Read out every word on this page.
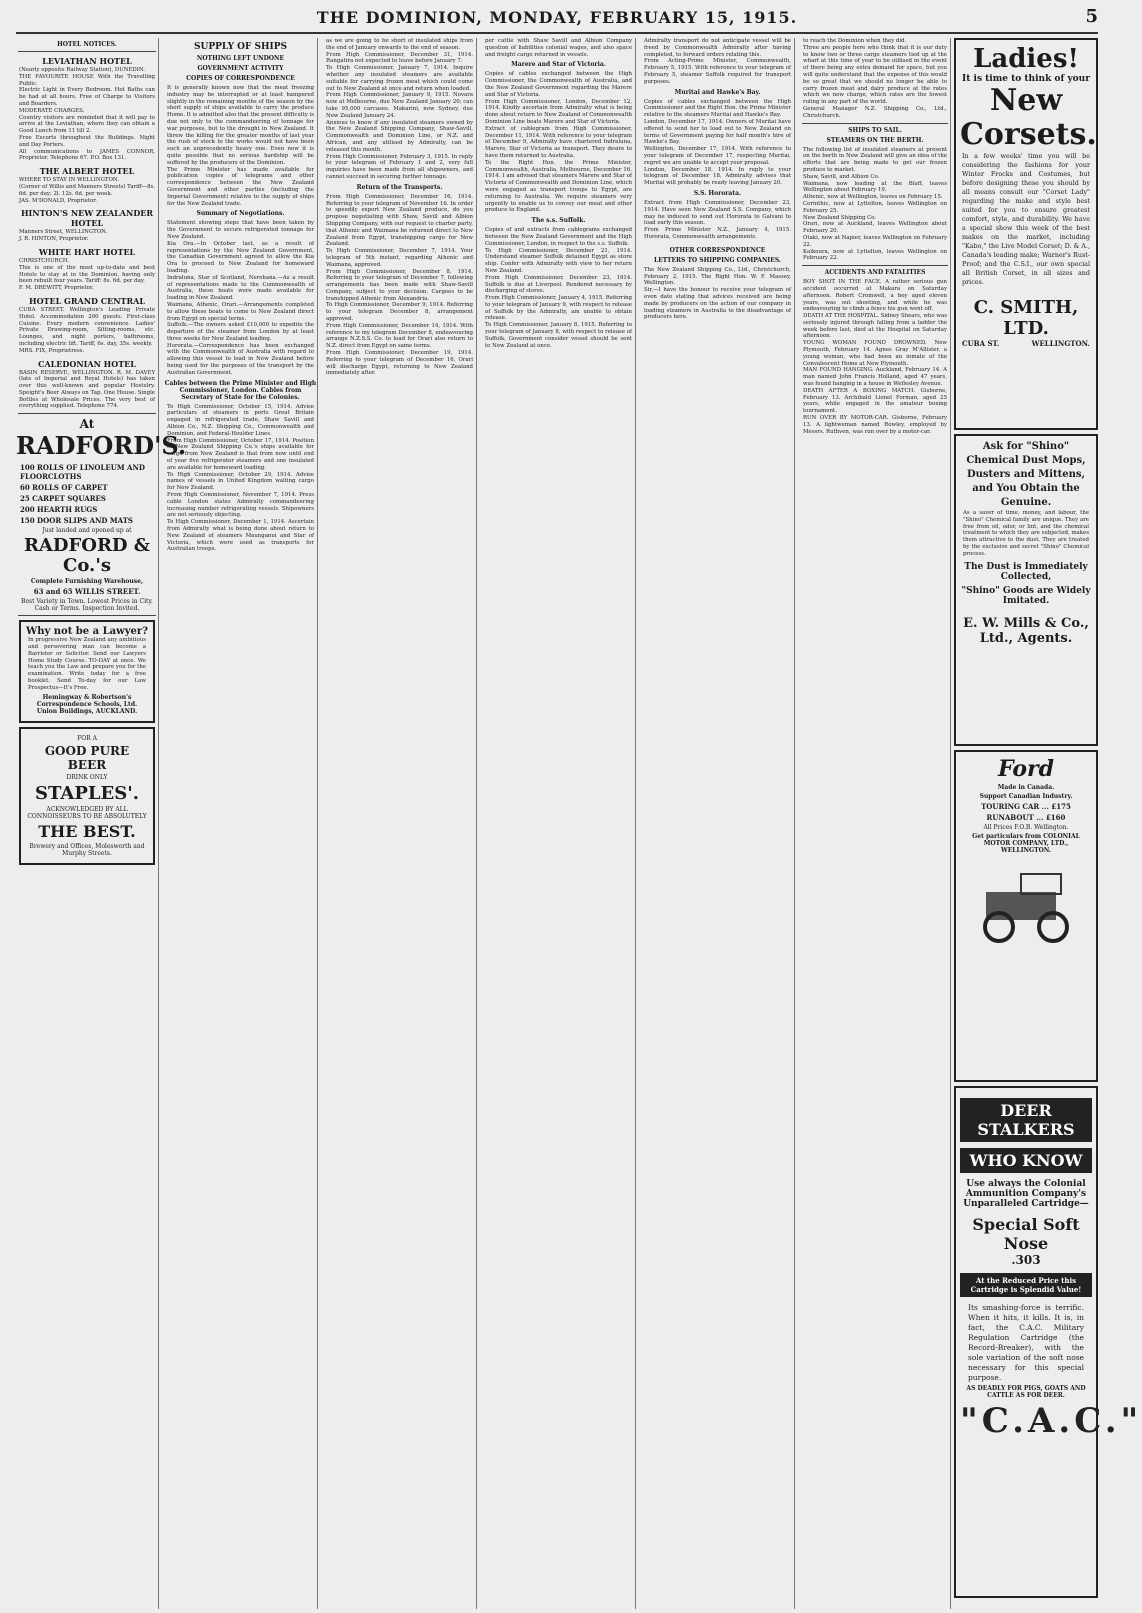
THE DOMINION, MONDAY, FEBRUARY 15, 1915.	5
HOTEL NOTICES.
LEVIATHAN HOTEL
(Nearly opposite Railway Station), DUNEDIN.
THE FAVOURITE HOUSE With the Travelling Public.
Electric Light in Every Bedroom. Hot Baths can be had at all hours. Free of Charge to Visitors and Boarders.
MODERATE CHARGES.
Country visitors are reminded that it will pay to arrive at the Leviathan, where they can obtain a Good Lunch from 11 till 2.
Free Escorts throughout the Buildings. Night and Day Porters.
All communications to JAMES CONNOR, Proprietor. Telephone 67. P.O. Box 131.
THE ALBERT HOTEL
WHERE TO STAY IN WELLINGTON.
(Corner of Willis and Manners Streets) Tariff—8s. 6d. per day; 2l. 12s. 6d. per week.
JAS. M'DONALD, Proprietor.
HINTON'S NEW ZEALANDER HOTEL
Manners Street, WELLINGTON.
J. R. HINTON, Proprietor.
WHITE HART HOTEL
CHRISTCHURCH.
This is one of the most up-to-date and best Hotels to stay at in the Dominion, having only been rebuilt four years. Tariff: 8s. 6d. per day.
F. M. DREWITT, Proprietor.
HOTEL GRAND CENTRAL
CUBA STREET. Wellington's Leading Private Hotel. Accommodation 200 guests. First-class Cuisine. Every modern convenience. Ladies' Private Drawing-room, Sitting-rooms, etc. Lounges, and night porters, bathrooms, including electric lift. Tariff, 6s. day, 35s. weekly.
MRS. FIX, Proprietress.
CALEDONIAN HOTEL
BASIN RESERVE, WELLINGTON. R. M. DAVEY (late of Imperial and Royal Hotels) has taken over this well-known and popular Hostelry. Speight's Beer Always on Tap. One House. Single Bottles at Wholesale Prices. The very best of everything supplied. Telephone 774.
At
RADFORD'S.
100 ROLLS OF LINOLEUM AND FLOORCLOTHS
60 ROLLS OF CARPET
25 CARPET SQUARES
200 HEARTH RUGS
150 DOOR SLIPS AND MATS
Just landed and opened up at
RADFORD & Co.'s
Complete Furnishing Warehouse,
63 and 65 WILLIS STREET.
Best Variety in Town. Lowest Prices in City. Cash or Terms. Inspection Invited.
Why not be a Lawyer?
In progressive New Zealand any ambitious and persevering man can become a Barrister or Solicitor. Send our Lawyers Home Study Course. TO-DAY at once. We teach you the Law and prepare you for the examination. Write today for a free booklet. Send To-day for our Law Prospectus—It's Free.
Hemingway & Robertson's Correspondence Schools, Ltd. Union Buildings, AUCKLAND.
FOR A
GOOD PURE BEER
DRINK ONLY
STAPLES'.
ACKNOWLEDGED BY ALL CONNOISSEURS TO BE ABSOLUTELY
THE BEST.
Brewery and Offices, Molesworth and Murphy Streets.
SUPPLY OF SHIPS
NOTHING LEFT UNDONE
GOVERNMENT ACTIVITY
COPIES OF CORRESPONDENCE
It is generally known now that the meat freezing industry may be interrupted or at least hampered slightly in the remaining months of the season by the short supply of ships available to carry the produce Home. It is admitted also that the present difficulty is due not only to the commandeering of tonnage for war purposes, but to the drought in New Zealand. It threw the killing for the greater months of last year the rush of stock to the works would not have been such an unprecedently heavy one. Even now it is quite possible that no serious hardship will be suffered by the producers of the Dominion.
The Prime Minister has made available for publication copies of telegrams and other correspondence between the New Zealand Government and other parties (including the Imperial Government) relative to the supply of ships for the New Zealand trade.
Summary of Negotiations.
Statement showing steps that have been taken by the Government to secure refrigerated tonnage for New Zealand.
Kia Ora.—In October last, as a result of representations by the New Zealand Government, the Canadian Government agreed to allow the Kia Ora to proceed to New Zealand for homeward loading.
Indraluna, Star of Scotland, Nerehana.—As a result of representations made to the Commonwealth of Australia, these boats were made available for loading in New Zealand.
Waimana, Athenic, Orari.—Arrangements completed to allow these boats to come to New Zealand direct from Egypt on special terms.
Suffolk.—The owners asked £10,000 to expedite the departure of the steamer from London by at least three weeks for New Zealand loading.
Hororata.—Correspondence has been exchanged with the Commonwealth of Australia with regard to allowing this vessel to load in New Zealand before being used for the purposes of the transport by the Australian Government.
Cables between the Prime Minister and High Commissioner, London. Cables from Secretary of State for the Colonies.
To High Commissioner, October 15, 1914. Advise particulars of steamers in ports Great Britain engaged in refrigerated trade, Shaw Savill and Albion Co., N.Z. Shipping Co., Commonwealth and Dominion, and Federal-Houlder Lines.
From High Commissioner, October 17, 1914. Position of New Zealand Shipping Co.'s ships available for cargo from New Zealand is that from now until end of year five refrigerator steamers and one insulated are available for homeward loading.
To High Commissioner, October 29, 1914. Advise names of vessels in United Kingdom waiting cargo for New Zealand.
From High Commissioner, November 7, 1914. Press cable London states Admiralty commandeering increasing number refrigerating vessels. Shipowners are not seriously objecting.
To High Commissioner, December 1, 1914. Ascertain from Admiralty what is being done about return to New Zealand of steamers Maunganui and Star of Victoria, which were used as transports for Australian troops.
as we are going to be short of insulated ships from the end of January onwards to the end of season.
From High Commissioner, December 31, 1914. Rangatira not expected to leave before January 7.
To High Commissioner, January 7, 1914. Inquire whether any insulated steamers are available suitable for carrying frozen meat which could come out to New Zealand at once and return when loaded.
From High Commissioner, January 9, 1915. Novara now at Melbourne, due New Zealand January 20; can take 95,000 carcases. Makarini, now Sydney, due New Zealand January 24.
Anxious to know if any insulated steamers owned by the New Zealand Shipping Company, Shaw-Savill, Commonwealth and Dominion Line, or N.Z. and African, and any utilised by Admiralty, can be released this month.
From High Commissioner, February 3, 1915. In reply to your telegram of February 1 and 2, very full inquiries have been made from all shipowners, and cannot succeed in securing further tonnage.
Return of the Transports.
From High Commissioner, December 16, 1914. Referring to your telegram of November 16. In order to speedily export New Zealand produce, do you propose negotiating with Shaw, Savill and Albion Shipping Company, with our request to charter party, that Athenic and Waimana be returned direct to New Zealand from Egypt, transhipping cargo for New Zealand.
To High Commissioner, December 7, 1914. Your telegram of 5th instant, regarding Athenic and Waimana, approved.
From High Commissioner, December 8, 1914. Referring to your telegram of December 7, following arrangements has been made with Shaw-Savill Company, subject to your decision. Cargoes to be transhipped Athenic from Alexandria.
To High Commissioner, December 9, 1914. Referring to your telegram December 8, arrangement approved.
From High Commissioner, December 14, 1914. With reference to my telegram December 8, endeavouring arrange N.Z.S.S. Co. to load for Orari also return to N.Z. direct from Egypt on same terms.
From High Commissioner, December 19, 1914. Referring to your telegram of December 16, Orari will discharge Egypt, returning to New Zealand immediately after.
per cattle with Shaw Savill and Albion Company question of liabilities colonial wages, and also space and freight cargo returned in vessels.
Marere and Star of Victoria.
Copies of cables exchanged between the High Commissioner, the Commonwealth of Australia, and the New Zealand Government regarding the Marere and Star of Victoria.
From High Commissioner, London, December 12, 1914. Kindly ascertain from Admiralty what is being done about return to New Zealand of Commonwealth Dominion Line boats Marere and Star of Victoria.
Extract of cablegram from High Commissioner, December 11, 1914. With reference to your telegram of December 9, Admiralty have chartered Indraluna, Marere, Star of Victoria as transport. They desire to have them returned to Australia.
To the Right Hon. the Prime Minister, Commonwealth, Australia, Melbourne, December 16, 1914. I am advised that steamers Marere and Star of Victoria of Commonwealth and Dominion Line, which were engaged as transport troops to Egypt, are returning to Australia. We require steamers very urgently to enable us to convey our meat and other produce to England.
The s.s. Suffolk.
Copies of and extracts from cablegrams exchanged between the New Zealand Government and the High Commissioner, London, in respect to the s.s. Suffolk.
To High Commissioner, December 21, 1914. Understand steamer Suffolk detained Egypt as store ship. Confer with Admiralty with view to her return New Zealand.
From High Commissioner, December 23, 1914. Suffolk is due at Liverpool. Rendered necessary by discharging of stores.
From High Commissioner, January 4, 1915. Referring to your telegram of January 9, with respect to release of Suffolk by the Admiralty, am unable to obtain release.
To High Commissioner, January 8, 1915. Referring to your telegram of January 8, with respect to release of Suffolk, Government consider vessel should be sent to New Zealand at once.
Admiralty transport do not anticipate vessel will be freed by Commonwealth Admiralty after having completed, to forward orders relating this.
From Acting-Prime Minister, Commonwealth, February 5, 1915. With reference to your telegram of February 5, steamer Suffolk required for transport purposes.
Muritai and Hawke's Bay.
Copies of cables exchanged between the High Commissioner and the Right Hon. the Prime Minister relative to the steamers Muritai and Hawke's Bay.
London, December 17, 1914. Owners of Muritai have offered to send her to load out to New Zealand on terms of Government paying for half month's hire of Hawke's Bay.
Wellington, December 17, 1914. With reference to your telegram of December 17, respecting Muritai, regret we are unable to accept your proposal.
London, December 18, 1914. In reply to your telegram of December 18, Admiralty advises that Muritai will probably be ready leaving January 20.
S.S. Hororata.
Extract from High Commissioner, December 23, 1914. Have seen New Zealand S.S. Company, which may be induced to send out Hororata to Galvani to load early this season.
From Prime Minister N.Z., January 4, 1915. Hororata, Commonwealth arrangements.
OTHER CORRESPONDENCE
LETTERS TO SHIPPING COMPANIES.
The New Zealand Shipping Co., Ltd., Christchurch, February 2, 1915. The Right Hon. W. F. Massey, Wellington.
Sir,—I have the honour to receive your telegram of even date stating that advices received are being made by producers on the action of our company in loading steamers in Australia to the disadvantage of producers here.
to reach the Dominion when they did.
Three are people here who think that it is our duty to know two or three cargo steamers tied up at the wharf at this time of year to be utilised in the event of there being any extra demand for space, but you will quite understand that the expense of this would be so great that we should no longer be able to carry frozen meat and dairy produce at the rates which we now charge, which rates are the lowest ruling in any part of the world.
General Manager N.Z. Shipping Co., Ltd., Christchurch.
SHIPS TO SAIL.
STEAMERS ON THE BERTH.
The following list of insulated steamers at present on the berth in New Zealand will give an idea of the efforts that are being made to get our frozen produce to market.
Shaw, Savill, and Albion Co.
Waimana, now loading at the Bluff, leaves Wellington about February 19.
Athenic, now at Wellington, leaves on February 15.
Corinthic, now at Lyttelton, leaves Wellington on February 25.
New Zealand Shipping Co.
Orari, now at Auckland, leaves Wellington about February 20.
Otaki, now at Napier, leaves Wellington on February 22.
Kaikoura, now at Lyttelton, leaves Wellington on February 22.
ACCIDENTS AND FATALITIES
BOY SHOT IN THE FACE. A rather serious gun accident occurred at Makara on Saturday afternoon. Robert Cromwell, a boy aged eleven years, was out shooting, and while he was endeavouring to climb a fence his gun went off.
DEATH AT THE HOSPITAL. Sidney Shears, who was seriously injured through falling from a ladder the week before last, died at the Hospital on Saturday afternoon.
YOUNG WOMAN FOUND DROWNED. New Plymouth, February 14. Agnes Gray M'Allister, a young woman, who had been an inmate of the Convalescent Home at New Plymouth.
MAN FOUND HANGING. Auckland, February 14. A man named John Francis Holland, aged 47 years, was found hanging in a house in Wellesley Avenue.
DEATH AFTER A BOXING MATCH. Gisborne, February 13. Archibald Lionel Forman, aged 25 years, while engaged in the amateur boxing tournament.
RUN OVER BY MOTOR-CAR. Gisborne, February 13. A lightweman named Rowley, employed by Messrs. Ruthven, was run over by a motor-car.
Ladies!
It is time to think of your
New Corsets.
In a few weeks' time you will be considering the fashions for your Winter Frocks and Costumes, but before designing these you should by all means consult our "Corset Lady" regarding the make and style best suited for you to ensure greatest comfort, style, and durability. We have a special show this week of the best makes on the market, including "Kabo," the Live Model Corset; D. & A., Canada's leading make; Warner's Rust-Proof; and the C.S.I., our own special all British Corset, in all sizes and prices.
C. SMITH, LTD.
CUBA ST.	WELLINGTON.
Ask for "Shino" Chemical Dust Mops, Dusters and Mittens, and You Obtain the Genuine.
As a saver of time, money, and labour, the "Shino" Chemical family are unique. They are free from oil, odor, or lint, and the chemical treatment to which they are subjected, makes them attractive to the dust. They are treated by the exclusive and secret "Shino" Chemical process.
The Dust is Immediately Collected,
"Shino" Goods are Widely Imitated.
E. W. Mills & Co., Ltd., Agents.
Ford
Made in Canada.
Support Canadian Industry.
TOURING CAR ... £175
RUNABOUT ... £160
All Prices F.O.B. Wellington.
Get particulars from COLONIAL MOTOR COMPANY, LTD., WELLINGTON.
DEER STALKERS
WHO KNOW
Use always the Colonial Ammunition Company's Unparalleled Cartridge—
Special Soft Nose
.303
At the Reduced Price this Cartridge is Splendid Value!
Its smashing-force is terrific. When it hits, it kills. It is, in fact, the C.A.C. Military Regulation Cartridge (the Record-Breaker), with the sole variation of the soft nose necessary for this special purpose.
AS DEADLY FOR PIGS, GOATS AND CATTLE AS FOR DEER.
"C.A.C."
